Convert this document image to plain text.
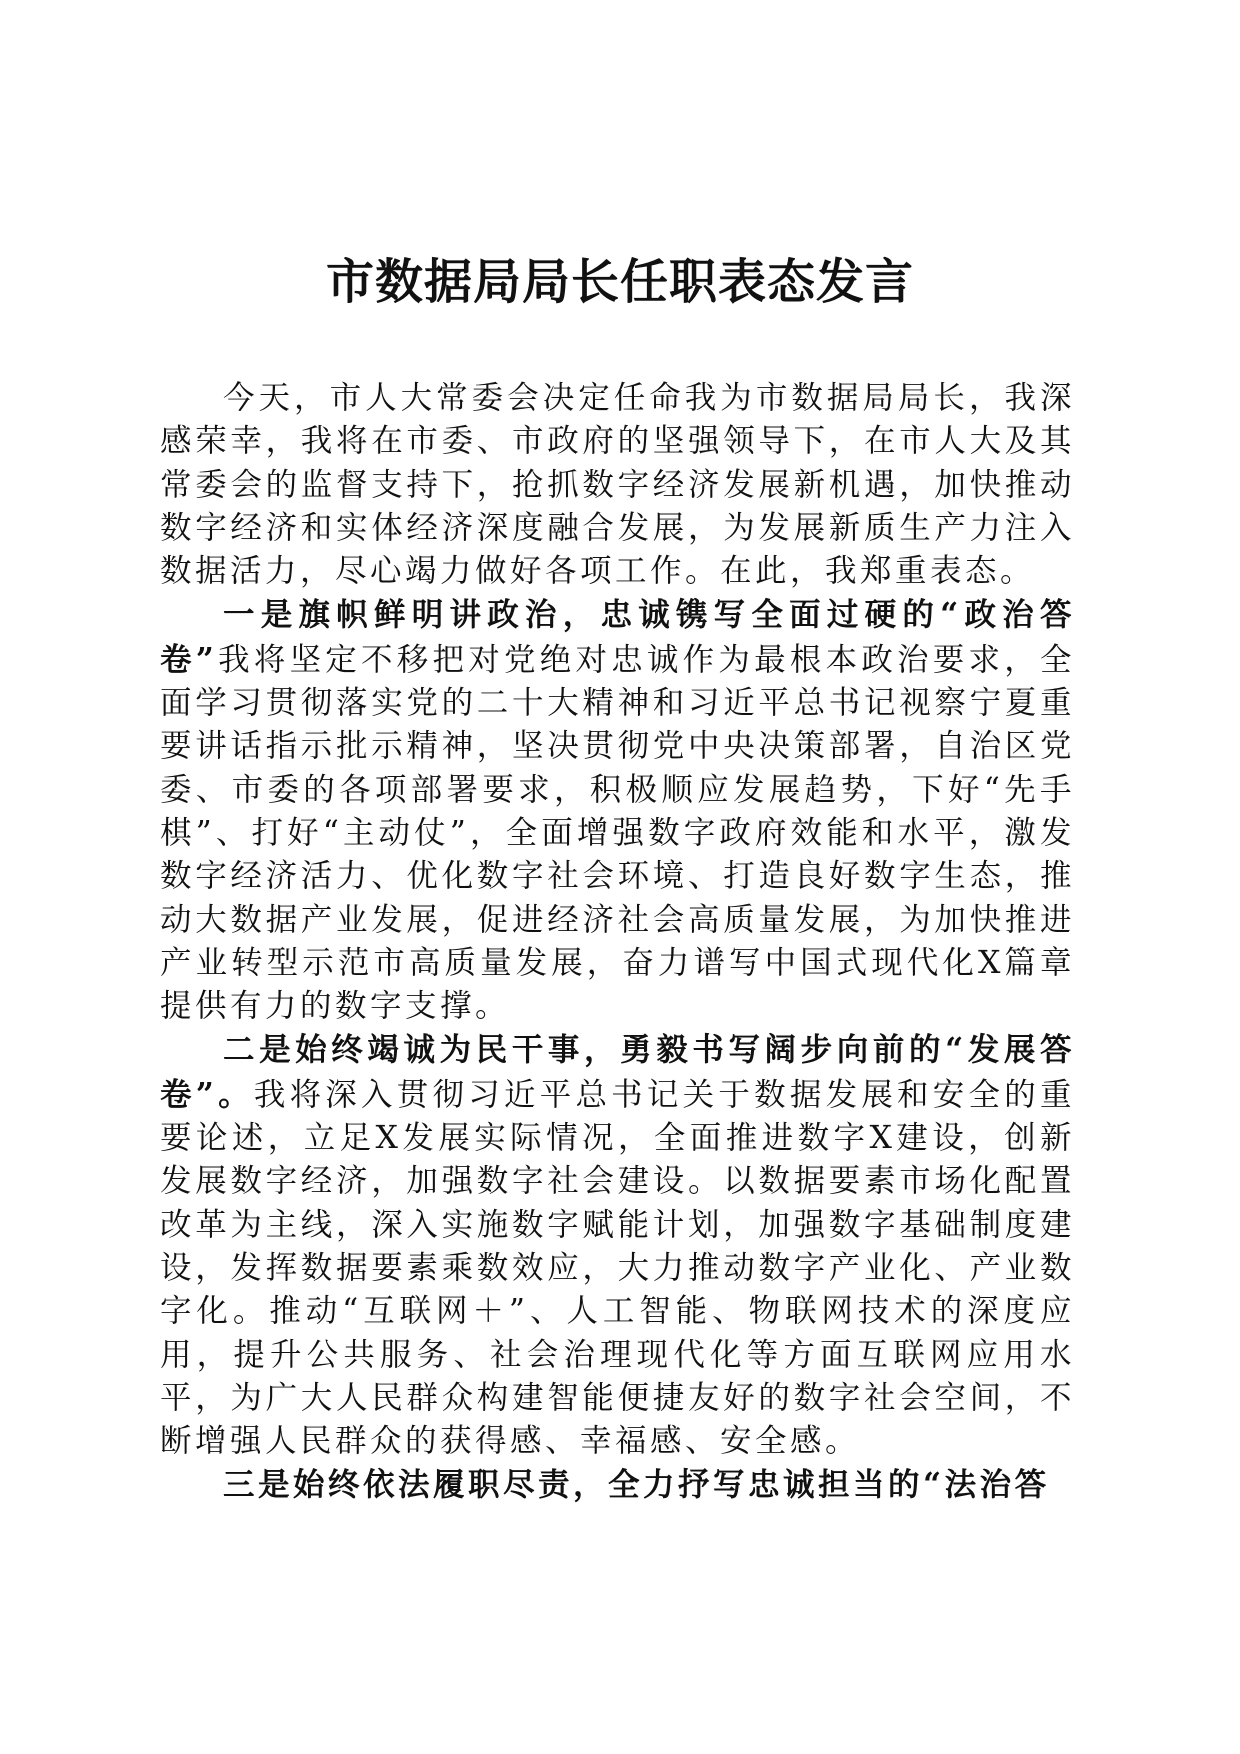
市数据局局长任职表态发言

今天，市人大常委会决定任命我为市数据局局长，我深感荣幸，我将在市委、市政府的坚强领导下，在市人大及其常委会的监督支持下，抢抓数字经济发展新机遇，加快推动数字经济和实体经济深度融合发展，为发展新质生产力注入数据活力，尽心竭力做好各项工作。在此，我郑重表态。

一是旗帜鲜明讲政治，忠诚镌写全面过硬的“政治答卷”我将坚定不移把对党绝对忠诚作为最根本政治要求，全面学习贯彻落实党的二十大精神和习近平总书记视察宁夏重要讲话指示批示精神，坚决贯彻党中央决策部署，自治区党委、市委的各项部署要求，积极顺应发展趋势，下好“先手棋”、打好“主动仗”，全面增强数字政府效能和水平，激发数字经济活力、优化数字社会环境、打造良好数字生态，推动大数据产业发展，促进经济社会高质量发展，为加快推进产业转型示范市高质量发展，奋力谱写中国式现代化X篇章提供有力的数字支撑。

二是始终竭诚为民干事，勇毅书写阔步向前的“发展答卷”。我将深入贯彻习近平总书记关于数据发展和安全的重要论述，立足X发展实际情况，全面推进数字X建设，创新发展数字经济，加强数字社会建设。以数据要素市场化配置改革为主线，深入实施数字赋能计划，加强数字基础制度建设，发挥数据要素乘数效应，大力推动数字产业化、产业数字化。推动“互联网＋”、人工智能、物联网技术的深度应用，提升公共服务、社会治理现代化等方面互联网应用水平，为广大人民群众构建智能便捷友好的数字社会空间，不断增强人民群众的获得感、幸福感、安全感。

三是始终依法履职尽责，全力抒写忠诚担当的“法治答
